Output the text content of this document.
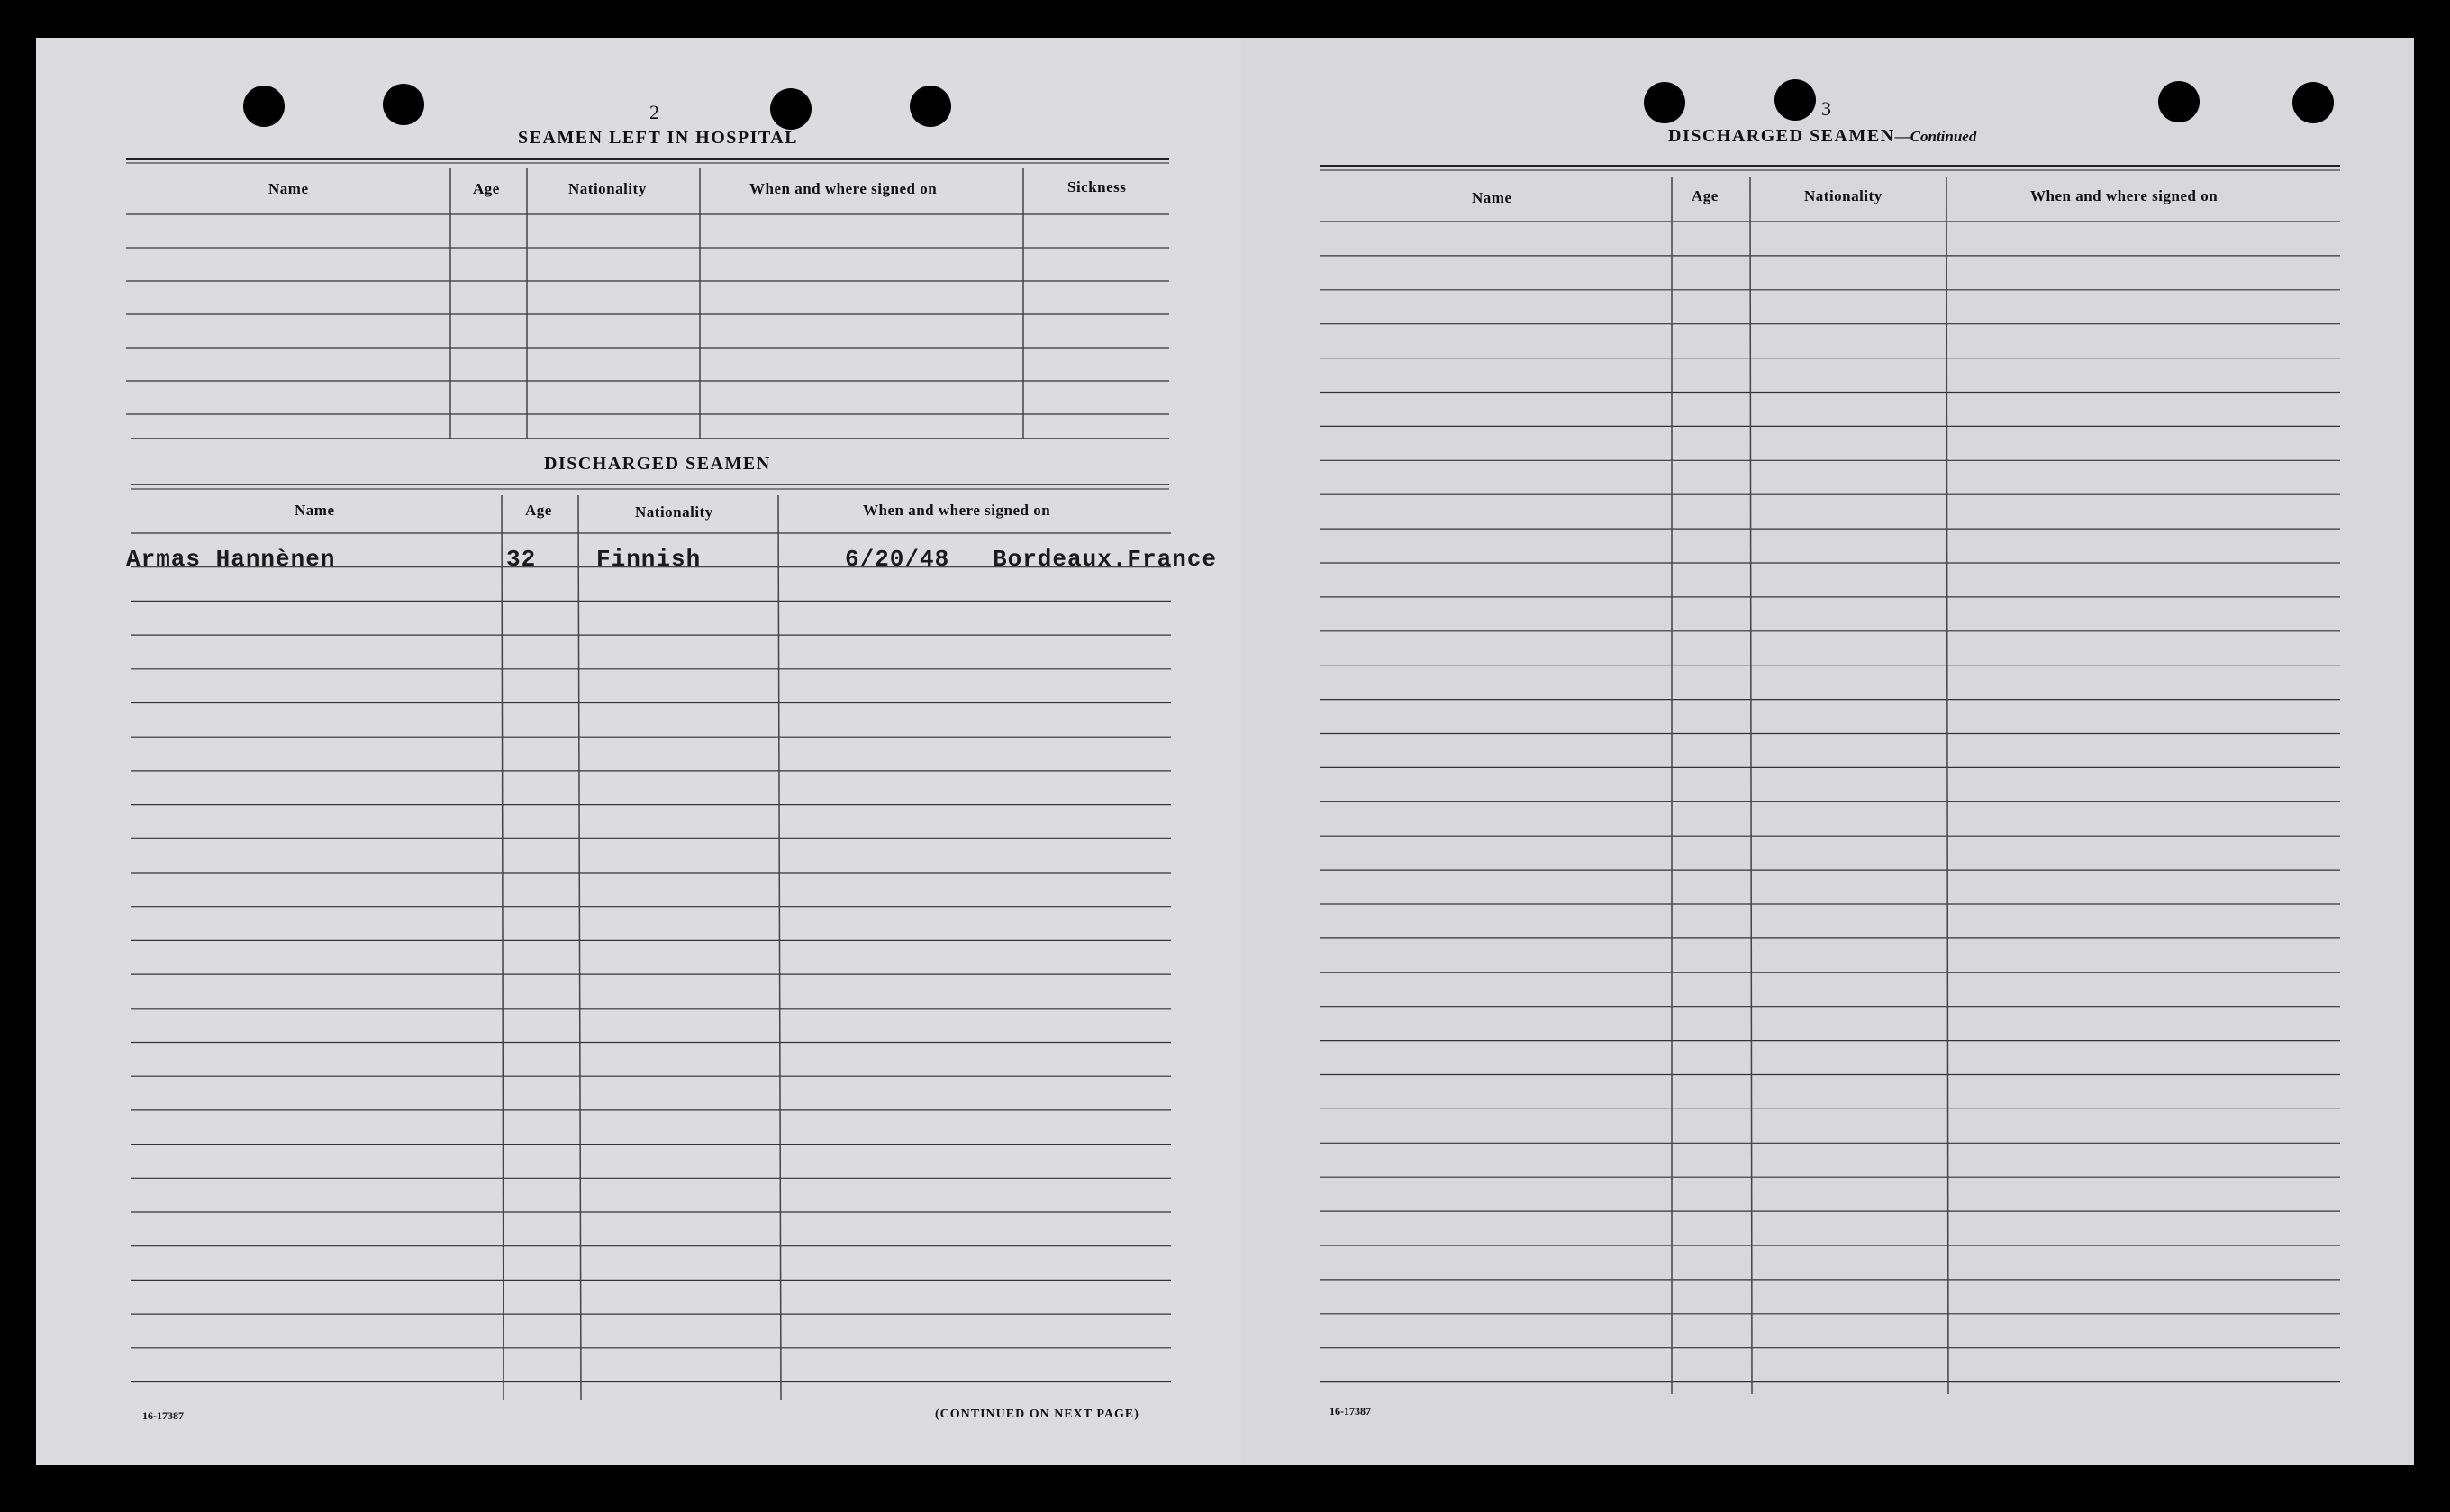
2
SEAMEN LEFT IN HOSPITAL
Name	Age	Nationality	When and where signed on	Sickness
DISCHARGED SEAMEN
Name	Age	Nationality	When and where signed on
Armas Hannènen	32	Finnish	6/20/48 Bordeaux.France
16-17387	(CONTINUED ON NEXT PAGE)
3
DISCHARGED SEAMEN—Continued
Name	Age	Nationality	When and where signed on
16-17387
